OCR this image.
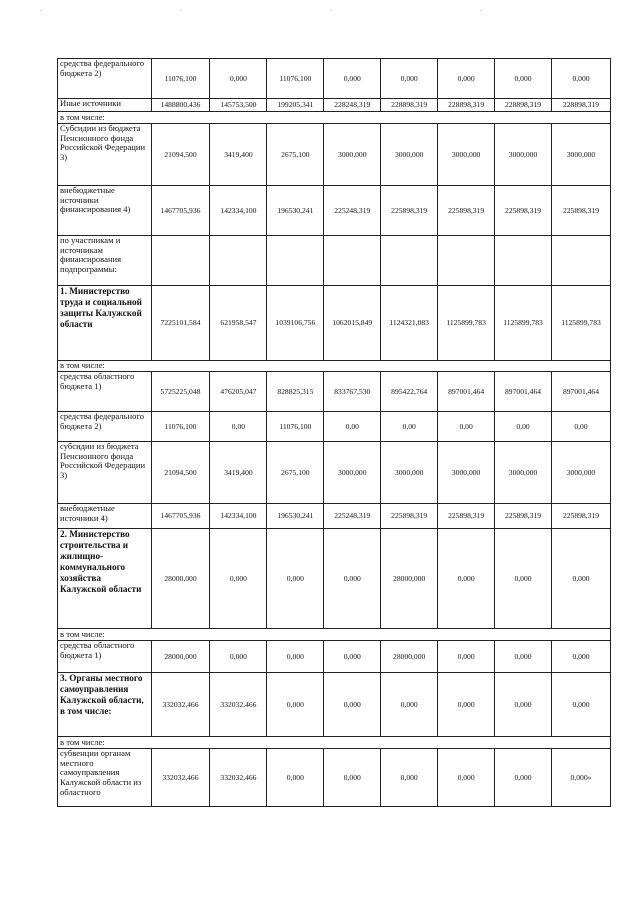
.	.	.	.
средства федерального бюджета 2)	11076,100	0,000	11076,100	0,000	0,000	0,000	0,000	0,000
Иные источники	1488800,436	145753,500	199205,341	228248,319	228898,319	228898,319	228898,319	228898,319
в том числе:								
Субсидии из бюджета Пенсионного фонда Российской Федерации 3)	21094,500	3419,400	2675,100	3000,000	3000,000	3000,000	3000,000	3000,000
внебюджетные источники финансирования 4)	1467705,936	142334,100	196530,241	225248,319	225898,319	225898,319	225898,319	225898,319
по участникам и источникам финансирования подпрограммы:								
1. Министерство труда и социальной защиты Калужской области	7225101,584	621958,547	1039106,756	1062015,849	1124321,083	1125899,783	1125899,783	1125899,783
в том числе:								
средства областного бюджета 1)	5725225,048	476205,047	828825,315	833767,530	895422,764	897001,464	897001,464	897001,464
средства федерального бюджета 2)	11076,100	0,00	11076,100	0,00	0,00	0,00	0,00	0,00
субсидии из бюджета Пенсионного фонда Российской Федерации 3)	21094,500	3419,400	2675,100	3000,000	3000,000	3000,000	3000,000	3000,000
внебюджетные источники 4)	1467705,936	142334,100	196530,241	225248,319	225898,319	225898,319	225898,319	225898,319
2. Министерство строительства и жилищно-коммунального хозяйства Калужской области	28000,000	0,000	0,000	0,000	28000,000	0,000	0,000	0,000
в том числе:								
средства областного бюджета 1)	28000,000	0,000	0,000	0,000	28000,000	0,000	0,000	0,000
3. Органы местного самоуправления Калужской области, в том числе:	332032,466	332032,466	0,000	0,000	0,000	0,000	0,000	0,000
в том числе:								
субвенции органам местного самоуправления Калужской области из областного	332032,466	332032,466	0,000	0,000	0,000	0,000	0,000	0,000»
